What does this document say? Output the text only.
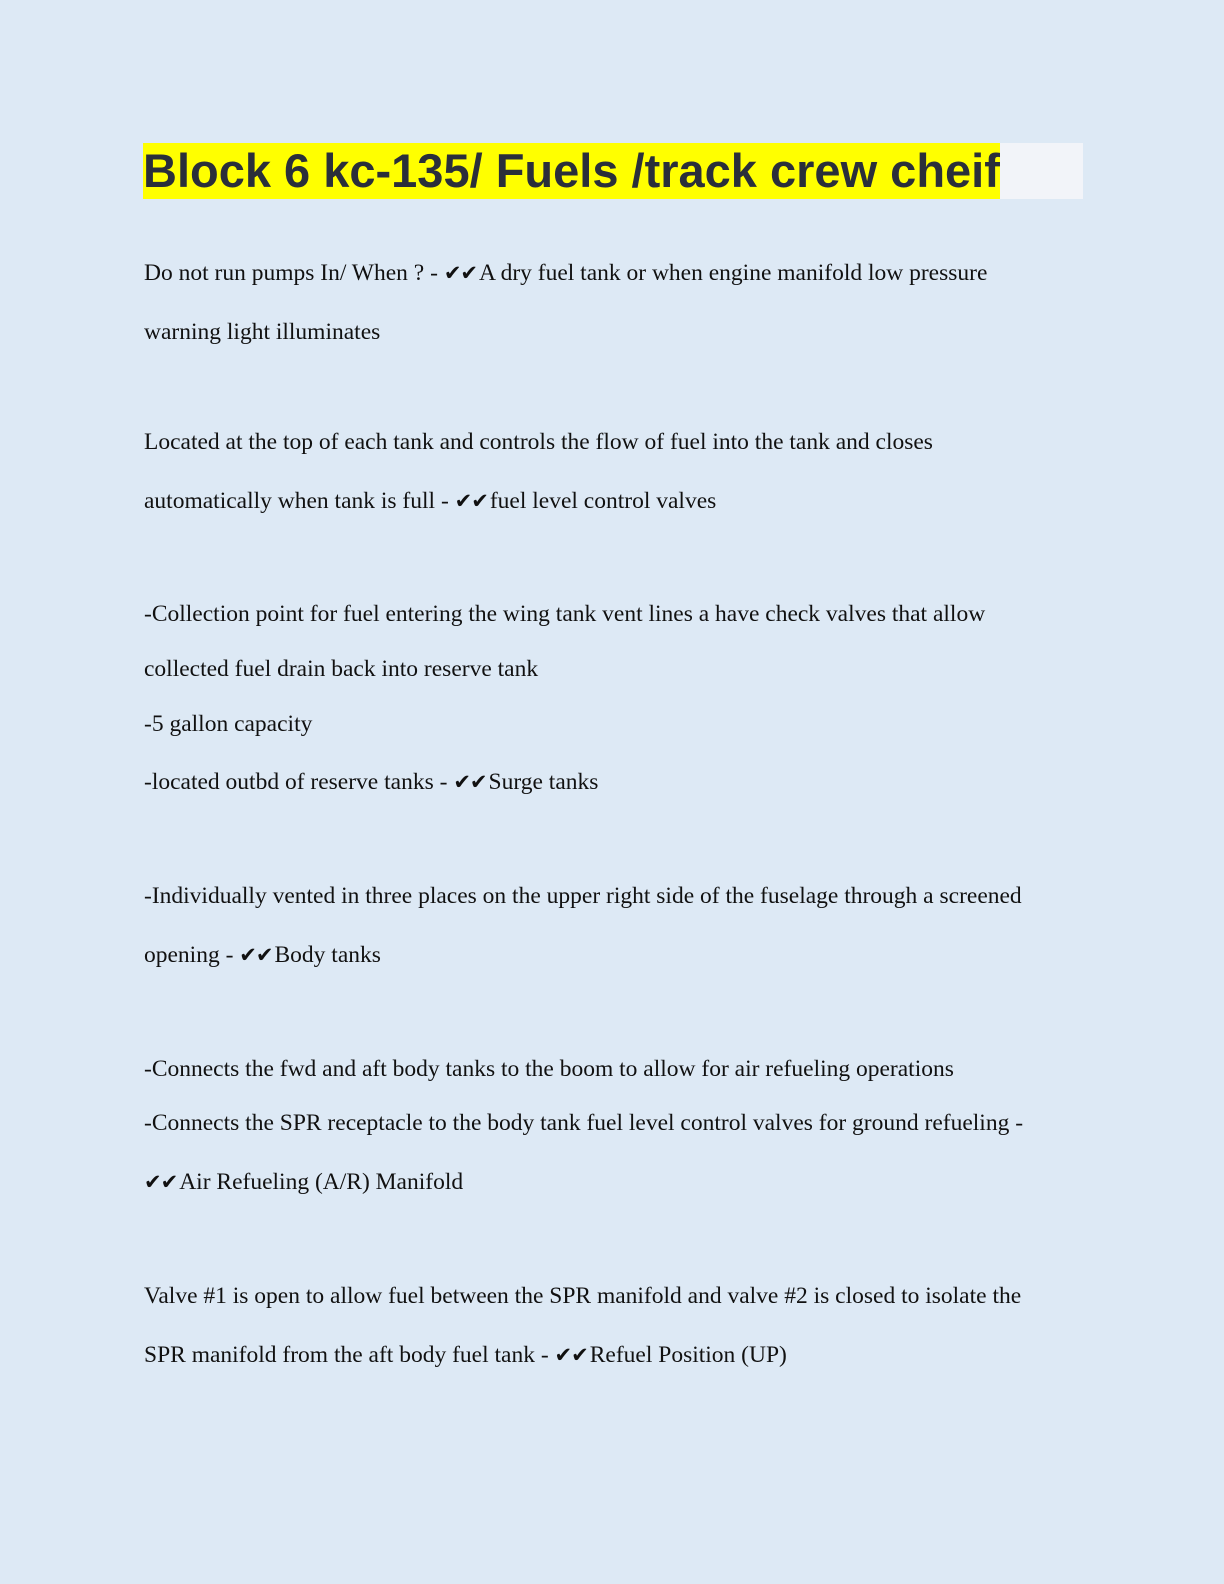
Block 6 kc-135/ Fuels /track crew cheif

Do not run pumps In/ When ? - ✔✔A dry fuel tank or when engine manifold low pressure

warning light illuminates

Located at the top of each tank and controls the flow of fuel into the tank and closes

automatically when tank is full - ✔✔fuel level control valves

-Collection point for fuel entering the wing tank vent lines a have check valves that allow

collected fuel drain back into reserve tank

-5 gallon capacity

-located outbd of reserve tanks - ✔✔Surge tanks

-Individually vented in three places on the upper right side of the fuselage through a screened

opening - ✔✔Body tanks

-Connects the fwd and aft body tanks to the boom to allow for air refueling operations

-Connects the SPR receptacle to the body tank fuel level control valves for ground refueling -

✔✔Air Refueling (A/R) Manifold

Valve #1 is open to allow fuel between the SPR manifold and valve #2 is closed to isolate the

SPR manifold from the aft body fuel tank - ✔✔Refuel Position (UP)
